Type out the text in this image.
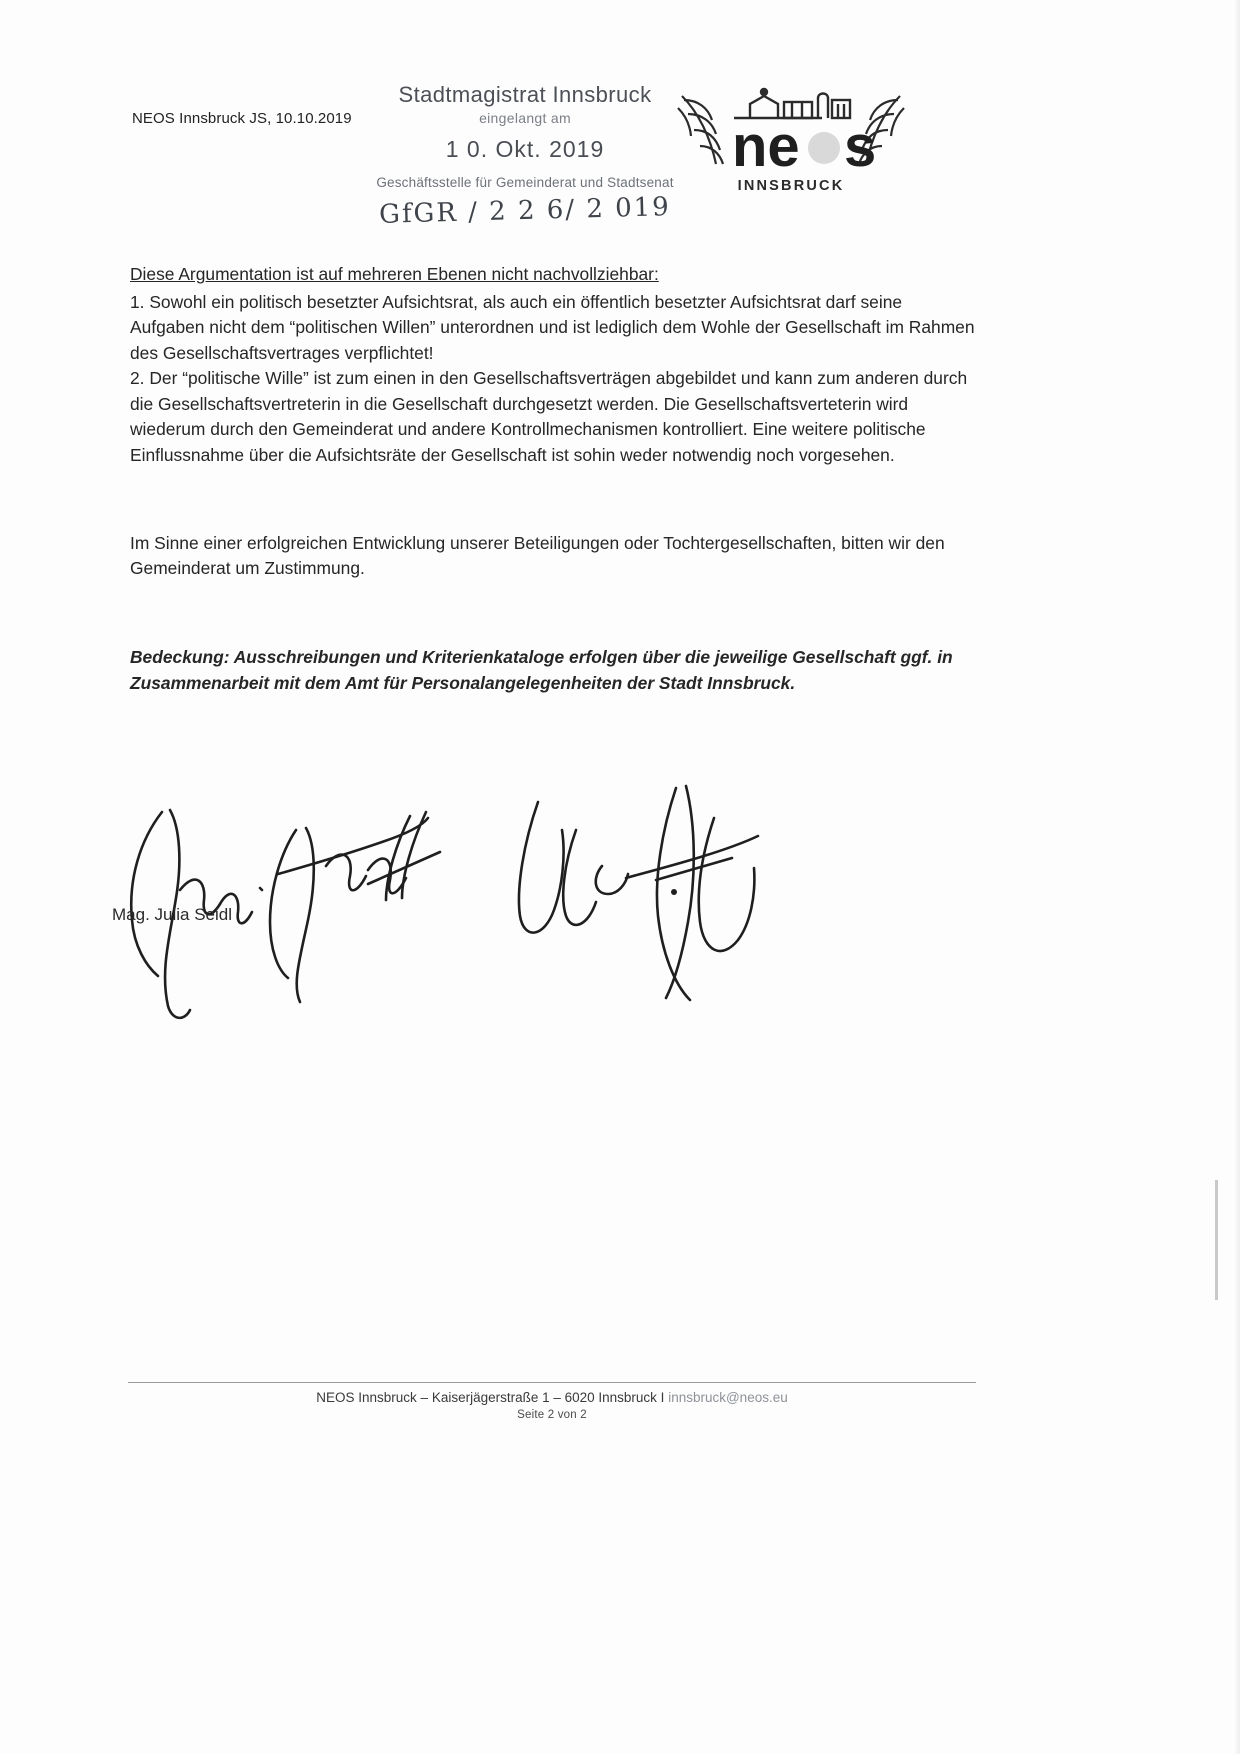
NEOS Innsbruck JS, 10.10.2019
Stadtmagistrat Innsbruck
eingelangt am
1 0. Okt. 2019
Geschäftsstelle für Gemeinderat und Stadtsenat
GfGR / 2 2 6/ 2 019
ne s
INNSBRUCK
Diese Argumentation ist auf mehreren Ebenen nicht nachvollziehbar:

1. Sowohl ein politisch besetzter Aufsichtsrat, als auch ein öffentlich besetzter Aufsichtsrat darf seine Aufgaben nicht dem “politischen Willen” unterordnen und ist lediglich dem Wohle der Gesellschaft im Rahmen des Gesellschaftsvertrages verpflichtet!

2. Der “politische Wille” ist zum einen in den Gesellschaftsverträgen abgebildet und kann zum anderen durch die Gesellschaftsvertreterin in die Gesellschaft durchgesetzt werden. Die Gesellschaftsverteterin wird wiederum durch den Gemeinderat und andere Kontrollmechanismen kontrolliert. Eine weitere politische Einflussnahme über die Aufsichtsräte der Gesellschaft ist sohin weder notwendig noch vorgesehen.

Im Sinne einer erfolgreichen Entwicklung unserer Beteiligungen oder Tochtergesellschaften, bitten wir den Gemeinderat um Zustimmung.

Bedeckung: Ausschreibungen und Kriterienkataloge erfolgen über die jeweilige Gesellschaft ggf. in Zusammenarbeit mit dem Amt für Personalangelegenheiten der Stadt Innsbruck.

Mag. Julia Seidl
NEOS Innsbruck – Kaiserjägerstraße 1 – 6020 Innsbruck I innsbruck@neos.eu
Seite 2 von 2
